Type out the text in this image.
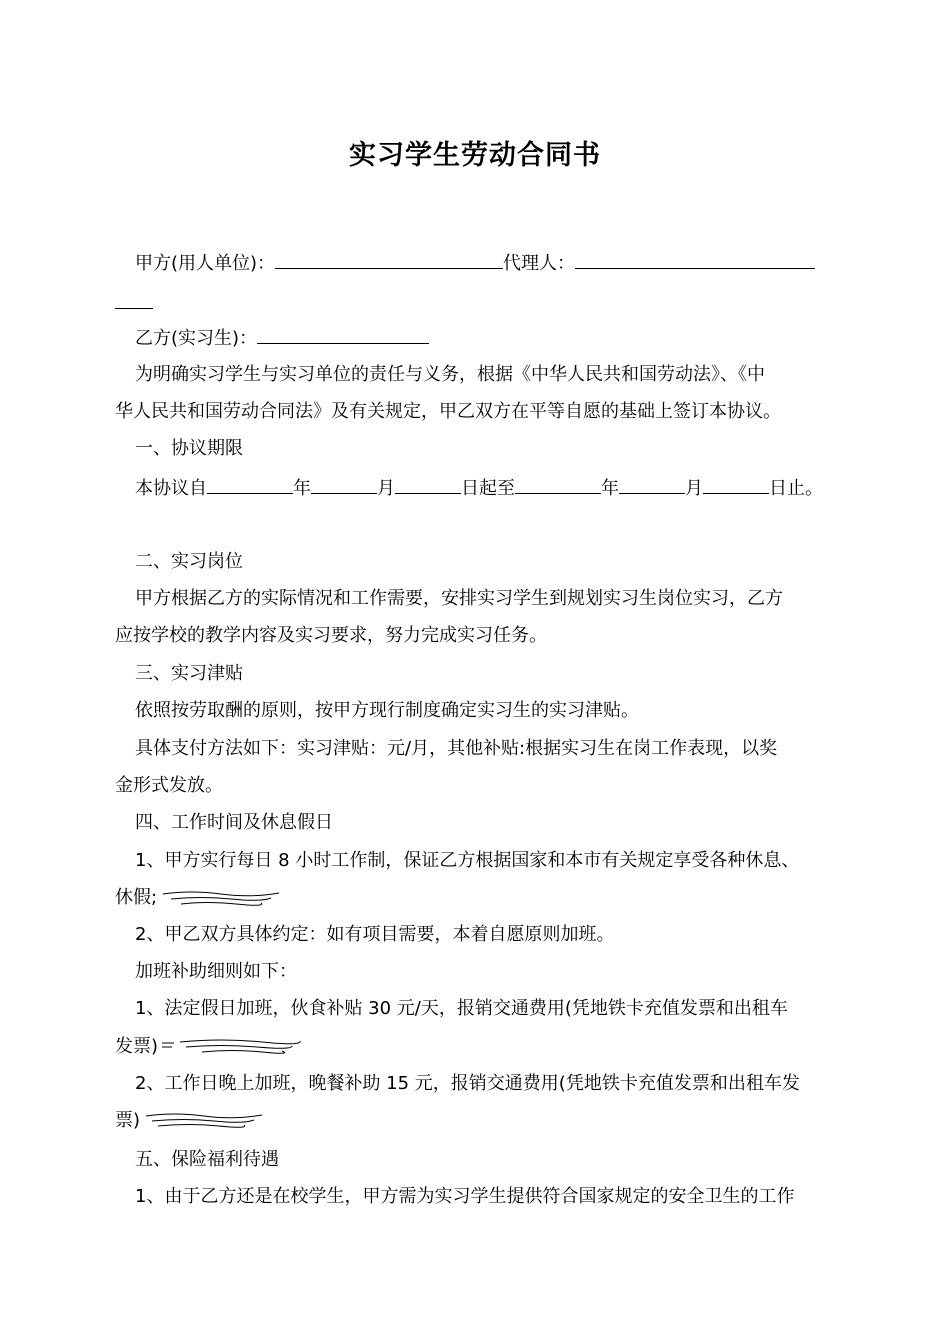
实习学生劳动合同书
甲方(用人单位)：	代理人：
乙方(实习生)：
为明确实习学生与实习单位的责任与义务，根据《中华人民共和国劳动法》、《中
华人民共和国劳动合同法》及有关规定，甲乙双方在平等自愿的基础上签订本协议。
一、协议期限
本协议自	年	月	日起至	年	月	日止。
二、实习岗位
甲方根据乙方的实际情况和工作需要，安排实习学生到规划实习生岗位实习，乙方
应按学校的教学内容及实习要求，努力完成实习任务。
三、实习津贴
依照按劳取酬的原则，按甲方现行制度确定实习生的实习津贴。
具体支付方法如下：实习津贴：元/月，其他补贴:根据实习生在岗工作表现，以奖
金形式发放。
四、工作时间及休息假日
1、甲方实行每日 8 小时工作制，保证乙方根据国家和本市有关规定享受各种休息、
休假;
2、甲乙双方具体约定：如有项目需要，本着自愿原则加班。
加班补助细则如下：
1、法定假日加班，伙食补贴 30 元/天，报销交通费用(凭地铁卡充值发票和出租车
发票)
2、工作日晚上加班，晚餐补助 15 元，报销交通费用(凭地铁卡充值发票和出租车发
票)
五、保险福利待遇
1、由于乙方还是在校学生，甲方需为实习学生提供符合国家规定的安全卫生的工作
